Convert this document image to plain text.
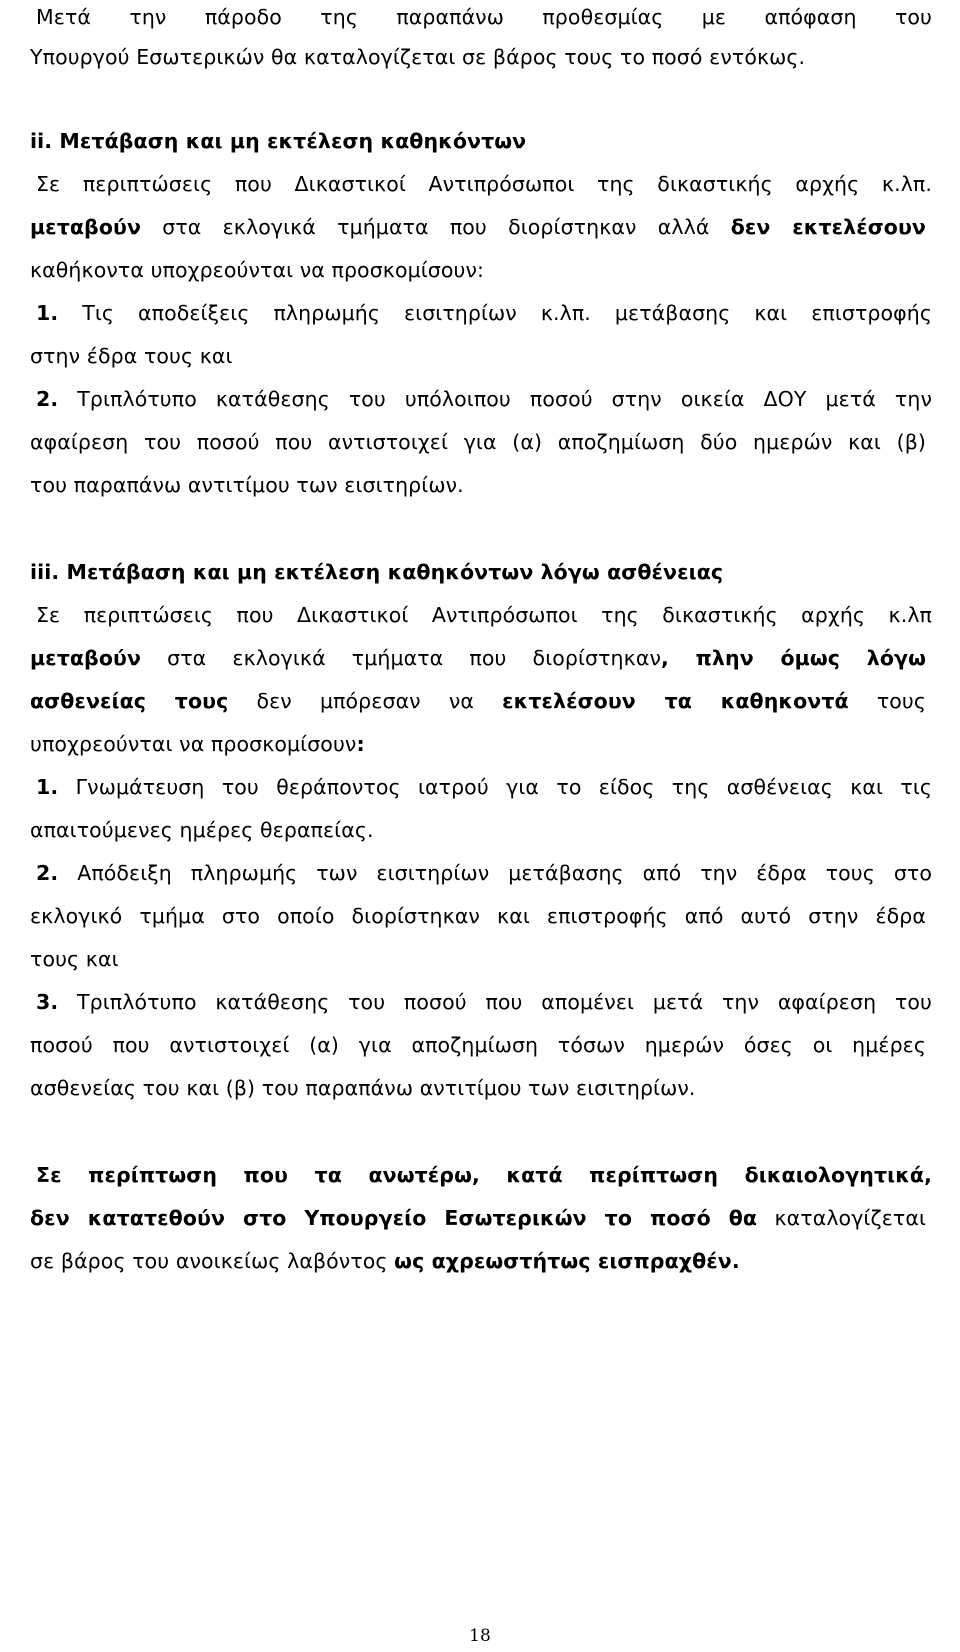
Μετά την πάροδο της παραπάνω προθεσμίας με απόφαση του
Υπουργού Εσωτερικών θα καταλογίζεται σε βάρος τους το ποσό εντόκως.
ii. Μετάβαση και μη εκτέλεση καθηκόντων
Σε περιπτώσεις που Δικαστικοί Αντιπρόσωποι της δικαστικής αρχής κ.λπ.
μεταβούν στα εκλογικά τμήματα που διορίστηκαν αλλά δεν εκτελέσουν
καθήκοντα υποχρεούνται να προσκομίσουν:
1. Τις αποδείξεις πληρωμής εισιτηρίων κ.λπ. μετάβασης και επιστροφής
στην έδρα τους και
2. Τριπλότυπο κατάθεσης του υπόλοιπου ποσού στην οικεία ΔΟΥ μετά την
αφαίρεση του ποσού που αντιστοιχεί για (α) αποζημίωση δύο ημερών και (β)
του παραπάνω αντιτίμου των εισιτηρίων.
iii. Μετάβαση και μη εκτέλεση καθηκόντων λόγω ασθένειας
Σε περιπτώσεις που Δικαστικοί Αντιπρόσωποι της δικαστικής αρχής κ.λπ
μεταβούν στα εκλογικά τμήματα που διορίστηκαν, πλην όμως λόγω
ασθενείας τους δεν μπόρεσαν να εκτελέσουν τα καθηκοντά τους
υποχρεούνται να προσκομίσουν:
1. Γνωμάτευση του θεράποντος ιατρού για το είδος της ασθένειας και τις
απαιτούμενες ημέρες θεραπείας.
2. Απόδειξη πληρωμής των εισιτηρίων μετάβασης από την έδρα τους στο
εκλογικό τμήμα στο οποίο διορίστηκαν και επιστροφής από αυτό στην έδρα
τους και
3. Τριπλότυπο κατάθεσης του ποσού που απομένει μετά την αφαίρεση του
ποσού που αντιστοιχεί (α) για αποζημίωση τόσων ημερών όσες οι ημέρες
ασθενείας του και (β) του παραπάνω αντιτίμου των εισιτηρίων.
Σε περίπτωση που τα ανωτέρω, κατά περίπτωση δικαιολογητικά,
δεν κατατεθούν στο Υπουργείο Εσωτερικών το ποσό θα καταλογίζεται
σε βάρος του ανοικείως λαβόντος ως αχρεωστήτως εισπραχθέν.
18
